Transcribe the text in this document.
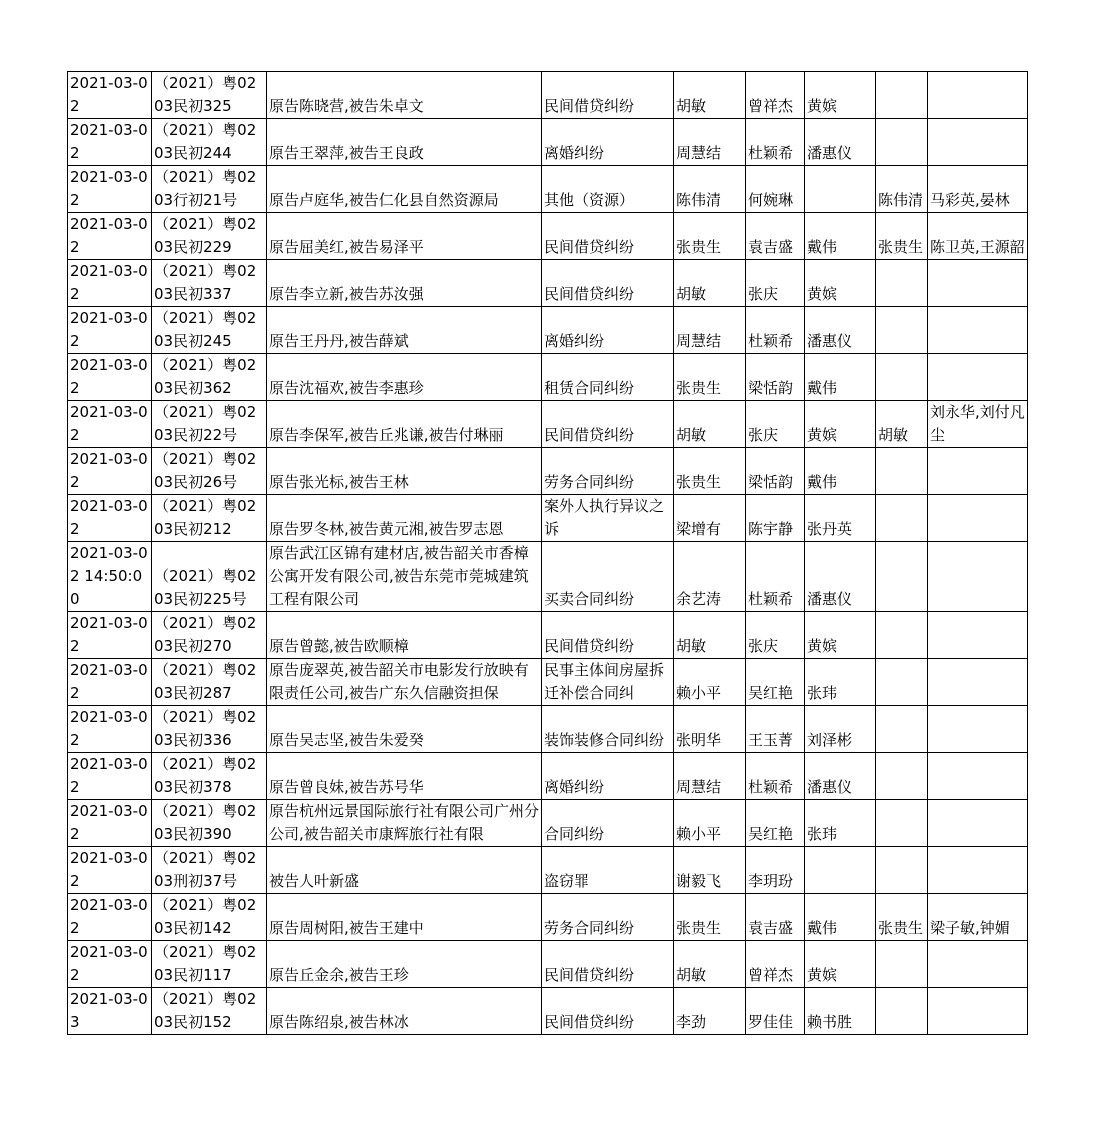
2021-03-02	（2021）粤0203民初325	原告陈晓营,被告朱卓文	民间借贷纠纷	胡敏	曾祥杰	黄嫔		

2021-03-02	（2021）粤0203民初244	原告王翠萍,被告王良政	离婚纠纷	周慧结	杜颖希	潘惠仪		

2021-03-02	（2021）粤0203行初21号	原告卢庭华,被告仁化县自然资源局	其他（资源）	陈伟清	何婉琳		陈伟清	马彩英,晏林

2021-03-02	（2021）粤0203民初229	原告屈美红,被告易泽平	民间借贷纠纷	张贵生	袁吉盛	戴伟	张贵生	陈卫英,王源韶

2021-03-02	（2021）粤0203民初337	原告李立新,被告苏汝强	民间借贷纠纷	胡敏	张庆	黄嫔		

2021-03-02	（2021）粤0203民初245	原告王丹丹,被告薛斌	离婚纠纷	周慧结	杜颖希	潘惠仪		

2021-03-02	（2021）粤0203民初362	原告沈福欢,被告李惠珍	租赁合同纠纷	张贵生	梁恬韵	戴伟		

2021-03-02	（2021）粤0203民初22号	原告李保军,被告丘兆谦,被告付琳丽	民间借贷纠纷	胡敏	张庆	黄嫔	胡敏	刘永华,刘付凡尘

2021-03-02	（2021）粤0203民初26号	原告张光标,被告王林	劳务合同纠纷	张贵生	梁恬韵	戴伟		

2021-03-02	（2021）粤0203民初212	原告罗冬林,被告黄元湘,被告罗志恩	案外人执行异议之诉	梁增有	陈宇静	张丹英		

2021-03-02 14:50:00	（2021）粤0203民初225号	原告武江区锦有建材店,被告韶关市香樟公寓开发有限公司,被告东莞市莞城建筑工程有限公司	买卖合同纠纷	余艺涛	杜颖希	潘惠仪		

2021-03-02	（2021）粤0203民初270	原告曾懿,被告欧顺樟	民间借贷纠纷	胡敏	张庆	黄嫔		

2021-03-02	（2021）粤0203民初287	原告庞翠英,被告韶关市电影发行放映有限责任公司,被告广东久信融资担保	民事主体间房屋拆迁补偿合同纠	赖小平	吴红艳	张玮		

2021-03-02	（2021）粤0203民初336	原告吴志坚,被告朱爱癸	装饰装修合同纠纷	张明华	王玉菁	刘泽彬		

2021-03-02	（2021）粤0203民初378	原告曾良妹,被告苏号华	离婚纠纷	周慧结	杜颖希	潘惠仪		

2021-03-02	（2021）粤0203民初390	原告杭州远景国际旅行社有限公司广州分公司,被告韶关市康辉旅行社有限	合同纠纷	赖小平	吴红艳	张玮		

2021-03-02	（2021）粤0203刑初37号	被告人叶新盛	盗窃罪	谢毅飞	李玥玢			

2021-03-02	（2021）粤0203民初142	原告周树阳,被告王建中	劳务合同纠纷	张贵生	袁吉盛	戴伟	张贵生	梁子敏,钟媚

2021-03-02	（2021）粤0203民初117	原告丘金余,被告王珍	民间借贷纠纷	胡敏	曾祥杰	黄嫔		

2021-03-03	（2021）粤0203民初152	原告陈绍泉,被告林冰	民间借贷纠纷	李劲	罗佳佳	赖书胜		
